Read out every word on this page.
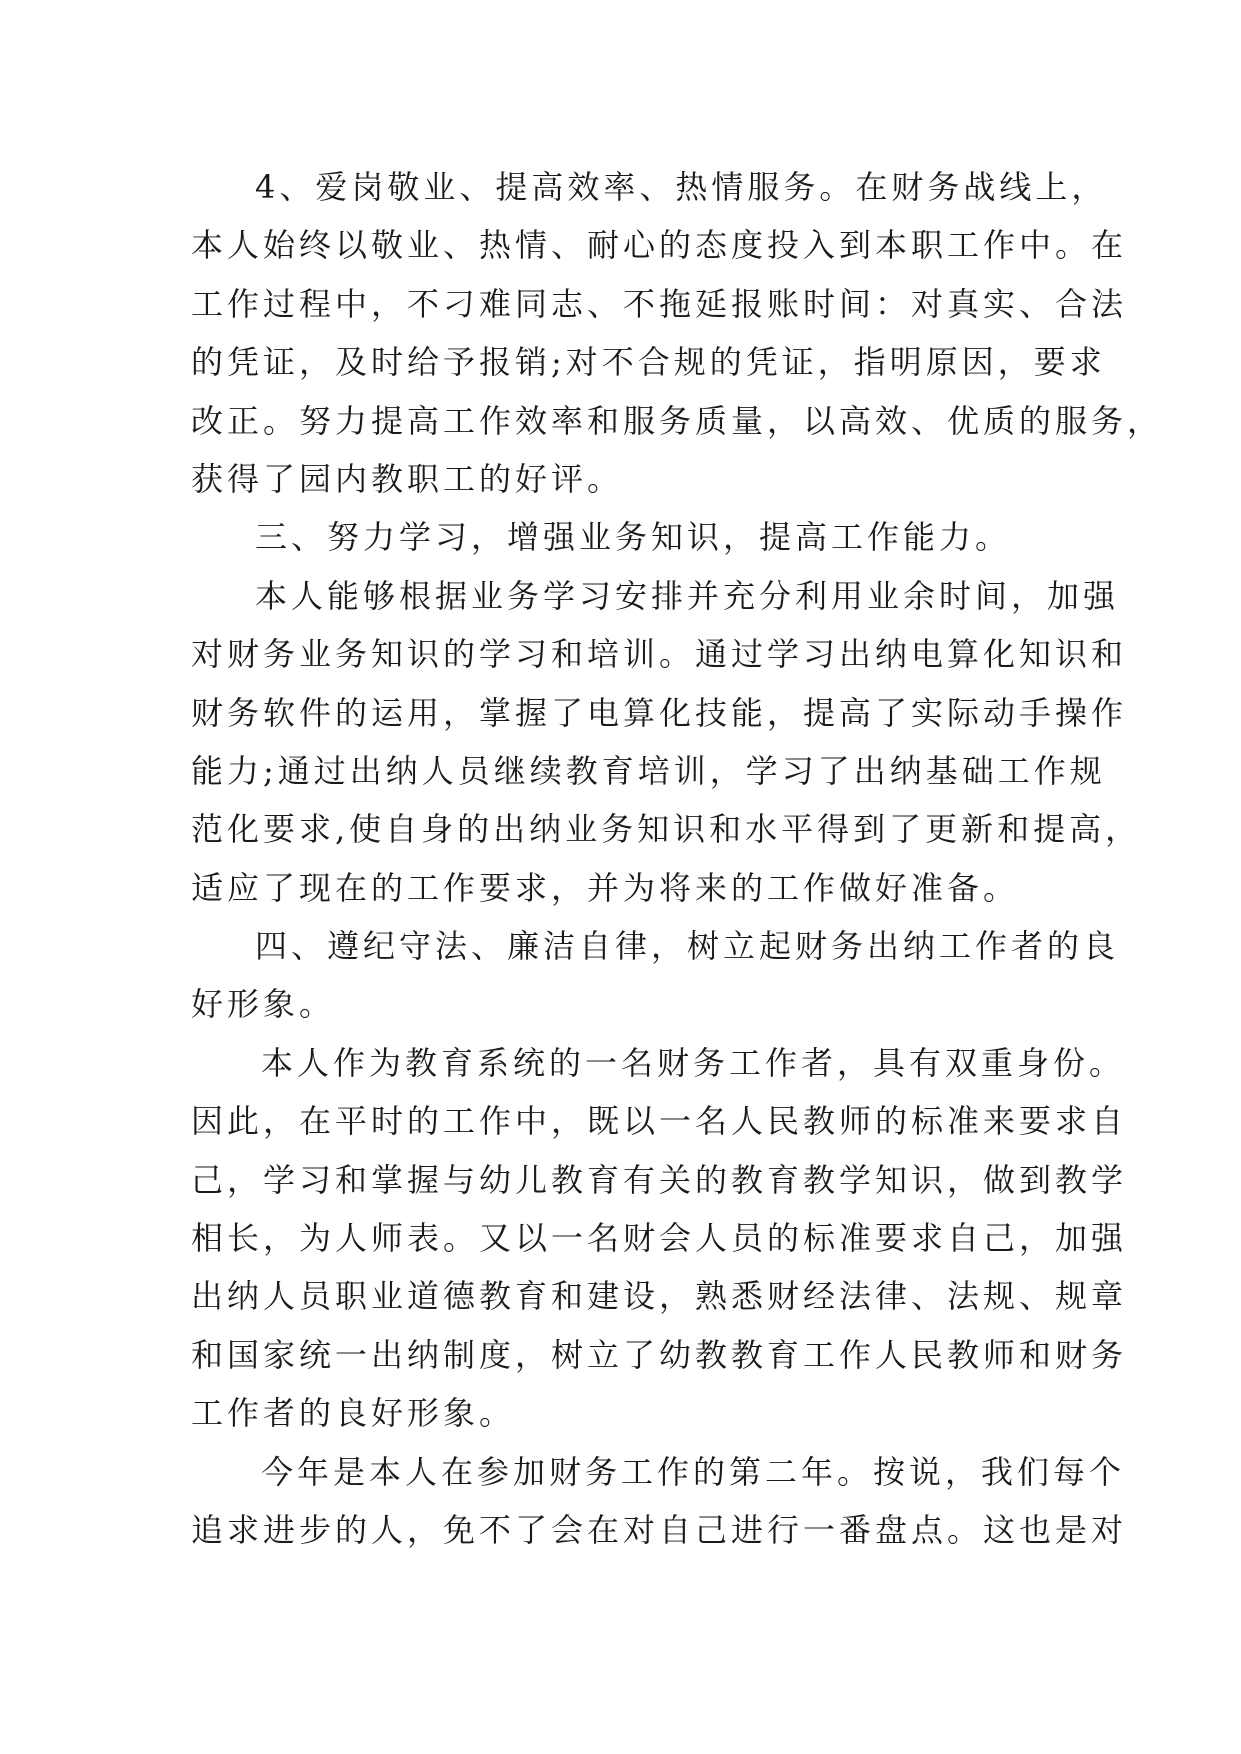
4、爱岗敬业、提高效率、热情服务。在财务战线上，
本人始终以敬业、热情、耐心的态度投入到本职工作中。在
工作过程中，不刁难同志、不拖延报账时间：对真实、合法
的凭证，及时给予报销;对不合规的凭证，指明原因，要求
改正。努力提高工作效率和服务质量，以高效、优质的服务，
获得了园内教职工的好评。
三、努力学习，增强业务知识，提高工作能力。
本人能够根据业务学习安排并充分利用业余时间，加强
对财务业务知识的学习和培训。通过学习出纳电算化知识和
财务软件的运用，掌握了电算化技能，提高了实际动手操作
能力;通过出纳人员继续教育培训，学习了出纳基础工作规
范化要求,使自身的出纳业务知识和水平得到了更新和提高，
适应了现在的工作要求，并为将来的工作做好准备。
四、遵纪守法、廉洁自律，树立起财务出纳工作者的良
好形象。
本人作为教育系统的一名财务工作者，具有双重身份。
因此，在平时的工作中，既以一名人民教师的标准来要求自
己，学习和掌握与幼儿教育有关的教育教学知识，做到教学
相长，为人师表。又以一名财会人员的标准要求自己，加强
出纳人员职业道德教育和建设，熟悉财经法律、法规、规章
和国家统一出纳制度，树立了幼教教育工作人民教师和财务
工作者的良好形象。
今年是本人在参加财务工作的第二年。按说，我们每个
追求进步的人，免不了会在对自己进行一番盘点。这也是对
